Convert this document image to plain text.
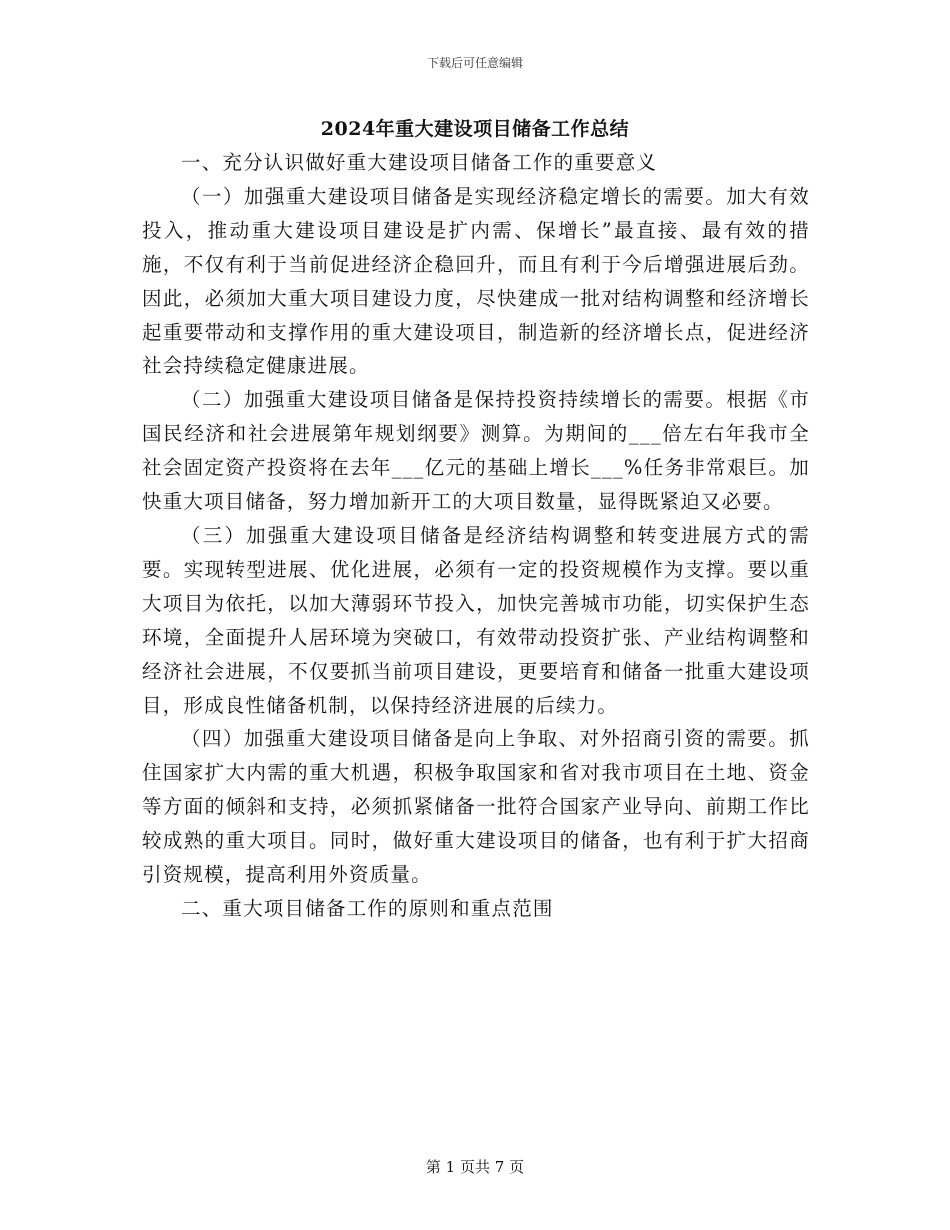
下载后可任意编辑
2024年重大建设项目储备工作总结

一、充分认识做好重大建设项目储备工作的重要意义

（一）加强重大建设项目储备是实现经济稳定增长的需要。加大有效投入，推动重大建设项目建设是扩内需、保增长”最直接、最有效的措施，不仅有利于当前促进经济企稳回升，而且有利于今后增强进展后劲。因此，必须加大重大项目建设力度，尽快建成一批对结构调整和经济增长起重要带动和支撑作用的重大建设项目，制造新的经济增长点，促进经济社会持续稳定健康进展。

（二）加强重大建设项目储备是保持投资持续增长的需要。根据《市国民经济和社会进展第年规划纲要》测算。为期间的___倍左右年我市全社会固定资产投资将在去年___亿元的基础上增长___%任务非常艰巨。加快重大项目储备，努力增加新开工的大项目数量，显得既紧迫又必要。

（三）加强重大建设项目储备是经济结构调整和转变进展方式的需要。实现转型进展、优化进展，必须有一定的投资规模作为支撑。要以重大项目为依托，以加大薄弱环节投入，加快完善城市功能，切实保护生态环境，全面提升人居环境为突破口，有效带动投资扩张、产业结构调整和经济社会进展，不仅要抓当前项目建设，更要培育和储备一批重大建设项目，形成良性储备机制，以保持经济进展的后续力。

（四）加强重大建设项目储备是向上争取、对外招商引资的需要。抓住国家扩大内需的重大机遇，积极争取国家和省对我市项目在土地、资金等方面的倾斜和支持，必须抓紧储备一批符合国家产业导向、前期工作比较成熟的重大项目。同时，做好重大建设项目的储备，也有利于扩大招商引资规模，提高利用外资质量。

二、重大项目储备工作的原则和重点范围

第 1 页共 7 页
